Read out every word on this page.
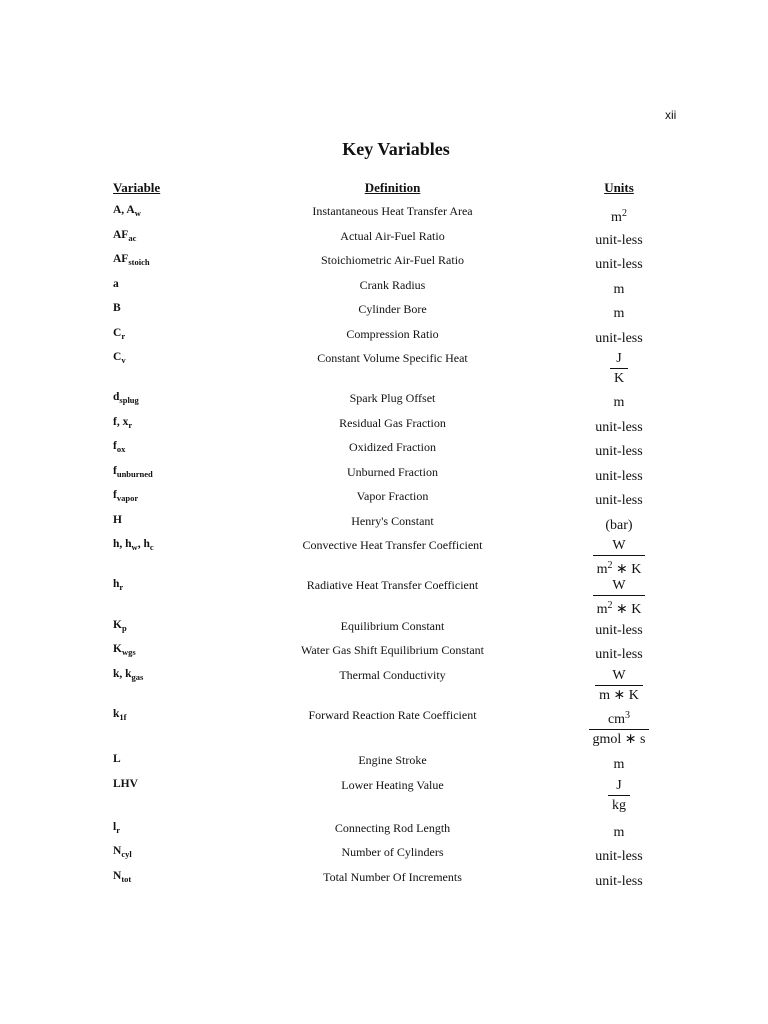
xii
Key Variables
Variable	Definition	Units
A, $A_w$	Instantaneous Heat Transfer Area	$m^2$
$AF_{ac}$	Actual Air-Fuel Ratio	unit-less
$AF_{stoich}$	Stoichiometric Air-Fuel Ratio	unit-less
a	Crank Radius	m
B	Cylinder Bore	m
$C_r$	Compression Ratio	unit-less
$C_v$	Constant Volume Specific Heat	$\frac{J}{K}$
$d_{splug}$	Spark Plug Offset	m
f, $x_r$	Residual Gas Fraction	unit-less
$f_{ox}$	Oxidized Fraction	unit-less
$f_{unburned}$	Unburned Fraction	unit-less
$f_{vapor}$	Vapor Fraction	unit-less
H	Henry's Constant	(bar)
h, $h_w$, $h_c$	Convective Heat Transfer Coefficient	$\frac{W}{m^2 ∗ K}$
$h_r$	Radiative Heat Transfer Coefficient	$\frac{W}{m^2 ∗ K}$
$K_p$	Equilibrium Constant	unit-less
$K_{wgs}$	Water Gas Shift Equilibrium Constant	unit-less
k, $k_{gas}$	Thermal Conductivity	$\frac{W}{m ∗ K}$
$k_{1f}$	Forward Reaction Rate Coefficient	$\frac{cm^3}{\text{gmol ∗ s}}$
L	Engine Stroke	m
LHV	Lower Heating Value	$\frac{J}{kg}$
$l_r$	Connecting Rod Length	m
$N_{cyl}$	Number of Cylinders	unit-less
$N_{tot}$	Total Number Of Increments	unit-less
